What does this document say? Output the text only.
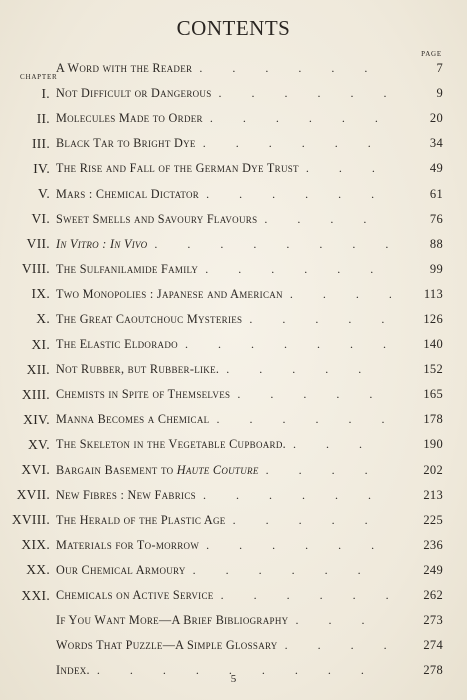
CONTENTS
PAGE
CHAPTER
A Word with the Reader .	7
I. Not Difficult or Dangerous .	9
II. Molecules Made to Order .	20
III. Black Tar to Bright Dye .	34
IV. The Rise and Fall of the German Dye Trust .	49
V. Mars : Chemical Dictator .	61
VI. Sweet Smells and Savoury Flavours .	76
VII. In Vitro : In Vivo .	88
VIII. The Sulfanilamide Family .	99
IX. Two Monopolies : Japanese and American .	113
X. The Great Caoutchouc Mysteries .	126
XI. The Elastic Eldorado .	140
XII. Not Rubber, but Rubber-like. .	152
XIII. Chemists in Spite of Themselves .	165
XIV. Manna Becomes a Chemical .	178
XV. The Skeleton in the Vegetable Cupboard. .	190
XVI. Bargain Basement to Haute Couture .	202
XVII. New Fibres : New Fabrics .	213
XVIII. The Herald of the Plastic Age .	225
XIX. Materials for To-morrow .	236
XX. Our Chemical Armoury .	249
XXI. Chemicals on Active Service .	262
If You Want More—A Brief Bibliography .	273
Words That Puzzle—A Simple Glossary .	274
Index. .	278
5
